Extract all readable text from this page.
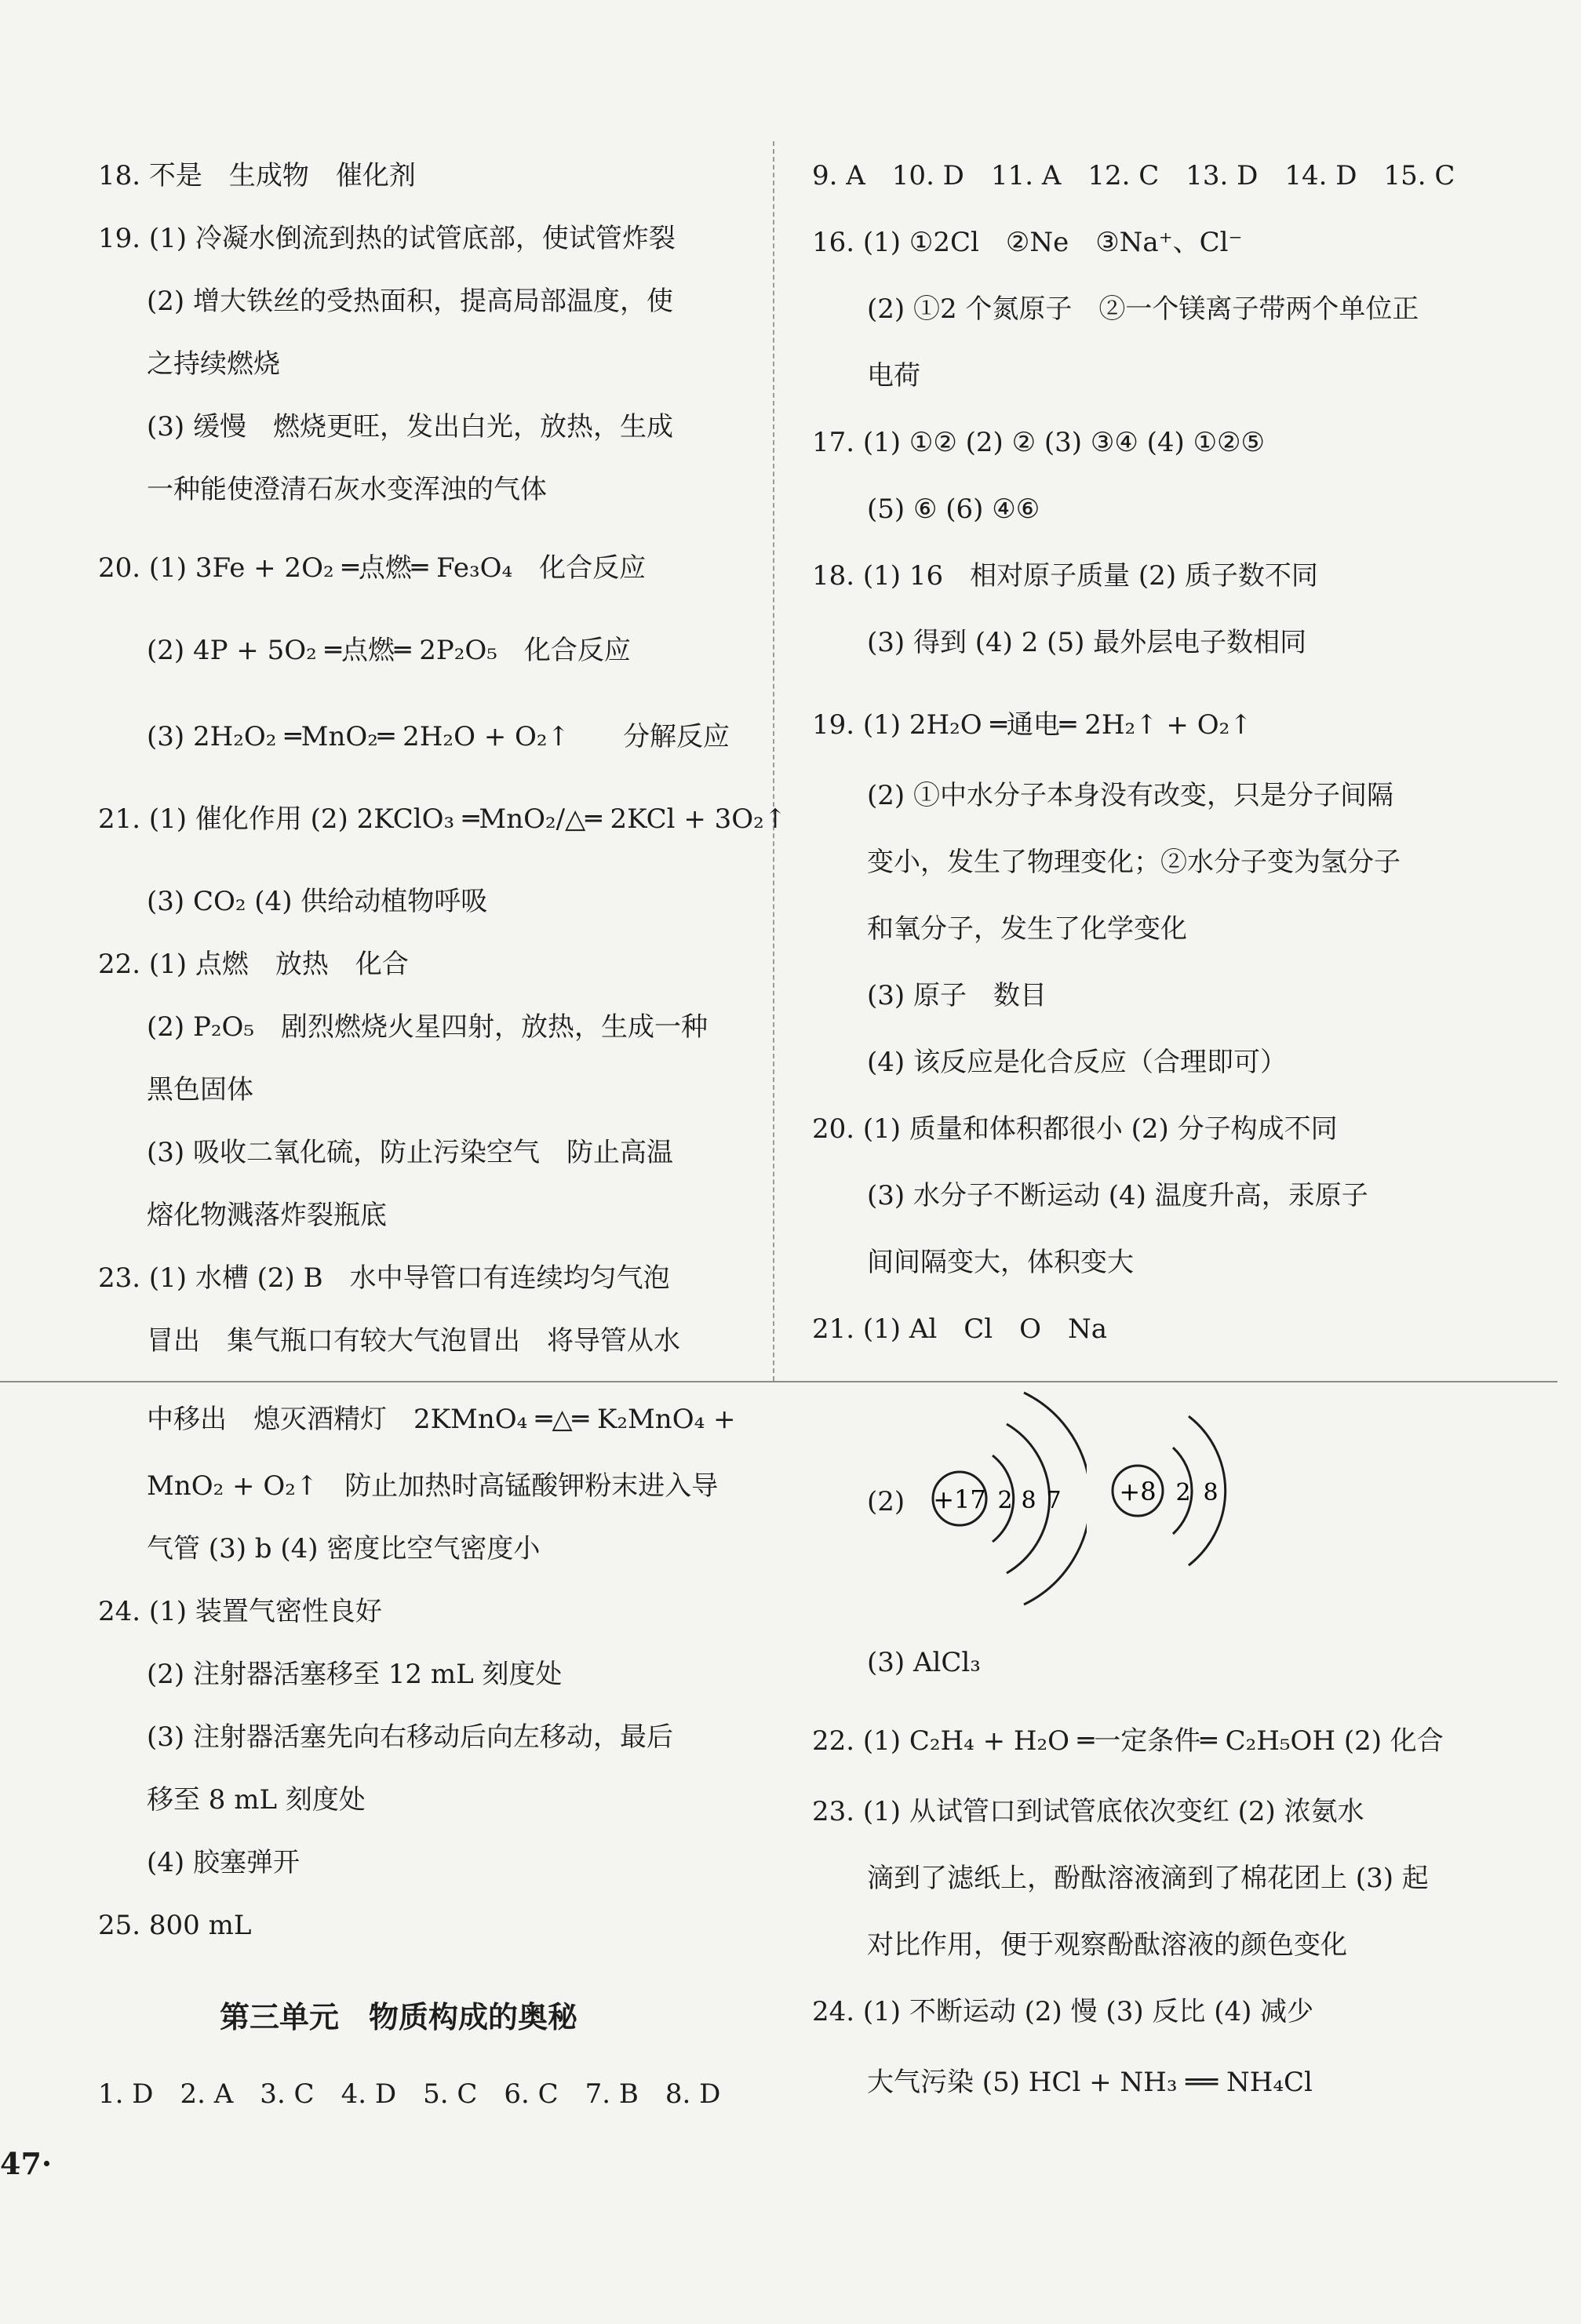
18. 不是　生成物　催化剂
19. (1) 冷凝水倒流到热的试管底部，使试管炸裂
(2) 增大铁丝的受热面积，提高局部温度，使
之持续燃烧
(3) 缓慢　燃烧更旺，发出白光，放热，生成
一种能使澄清石灰水变浑浊的气体
20. (1) 3Fe + 2O₂ ═点燃═ Fe₃O₄　化合反应
(2) 4P + 5O₂ ═点燃═ 2P₂O₅　化合反应
(3) 2H₂O₂ ═MnO₂═ 2H₂O + O₂↑　　分解反应
21. (1) 催化作用 (2) 2KClO₃ ═MnO₂/△═ 2KCl + 3O₂↑
(3) CO₂ (4) 供给动植物呼吸
22. (1) 点燃　放热　化合
(2) P₂O₅　剧烈燃烧火星四射，放热，生成一种
黑色固体
(3) 吸收二氧化硫，防止污染空气　防止高温
熔化物溅落炸裂瓶底
23. (1) 水槽 (2) B　水中导管口有连续均匀气泡
冒出　集气瓶口有较大气泡冒出　将导管从水
中移出　熄灭酒精灯　2KMnO₄ ═△═ K₂MnO₄ +
MnO₂ + O₂↑　防止加热时高锰酸钾粉末进入导
气管 (3) b (4) 密度比空气密度小
24. (1) 装置气密性良好
(2) 注射器活塞移至 12 mL 刻度处
(3) 注射器活塞先向右移动后向左移动，最后
移至 8 mL 刻度处
(4) 胶塞弹开
25. 800 mL
第三单元　物质构成的奥秘
1. D　2. A　3. C　4. D　5. C　6. C　7. B　8. D
9. A　10. D　11. A　12. C　13. D　14. D　15. C
16. (1) ①2Cl　②Ne　③Na⁺、Cl⁻
(2) ①2 个氮原子　②一个镁离子带两个单位正
电荷
17. (1) ①② (2) ② (3) ③④ (4) ①②⑤
(5) ⑥ (6) ④⑥
18. (1) 16　相对原子质量 (2) 质子数不同
(3) 得到 (4) 2 (5) 最外层电子数相同
19. (1) 2H₂O ═通电═ 2H₂↑ + O₂↑
(2) ①中水分子本身没有改变，只是分子间隔
变小，发生了物理变化；②水分子变为氢分子
和氧分子，发生了化学变化
(3) 原子　数目
(4) 该反应是化合反应（合理即可）
20. (1) 质量和体积都很小 (2) 分子构成不同
(3) 水分子不断运动 (4) 温度升高，汞原子
间间隔变大，体积变大
21. (1) Al　Cl　O　Na
(2)
(3) AlCl₃
22. (1) C₂H₄ + H₂O ═一定条件═ C₂H₅OH (2) 化合
23. (1) 从试管口到试管底依次变红 (2) 浓氨水
滴到了滤纸上，酚酞溶液滴到了棉花团上 (3) 起
对比作用，便于观察酚酞溶液的颜色变化
24. (1) 不断运动 (2) 慢 (3) 反比 (4) 减少
大气污染 (5) HCl + NH₃ ══ NH₄Cl
+17 2 8 7 +8 2 8
47·
